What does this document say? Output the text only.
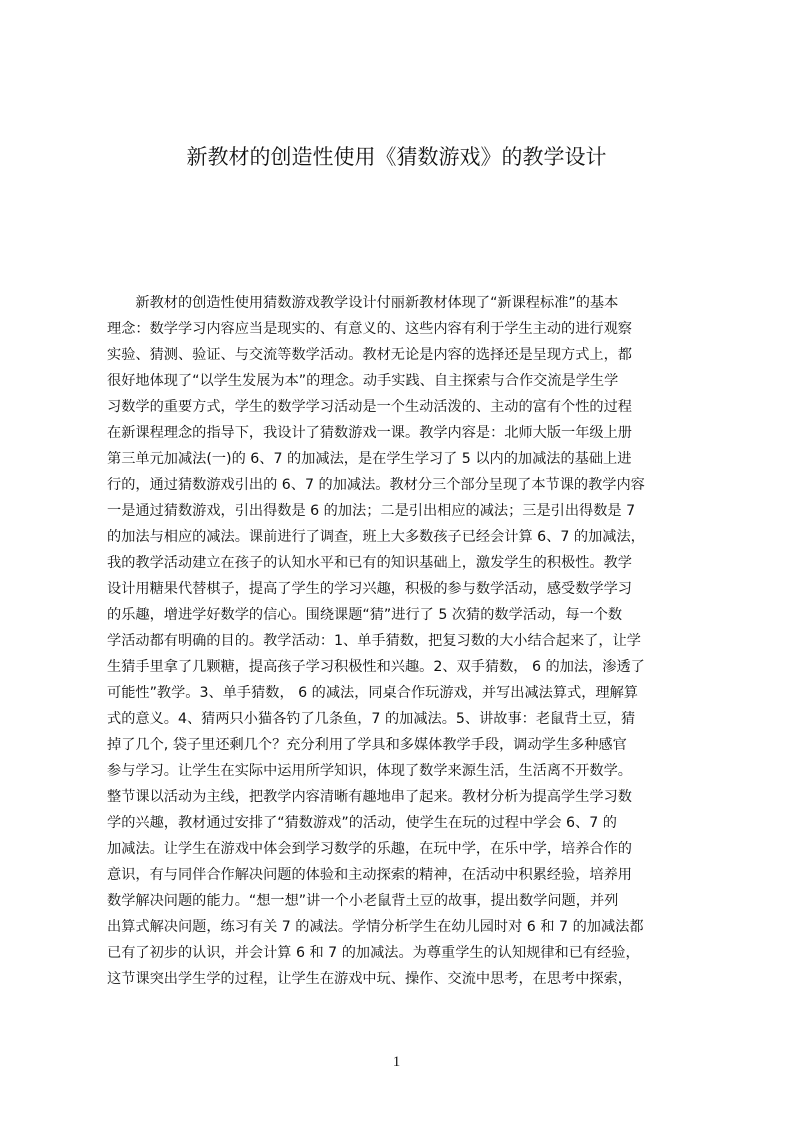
新教材的创造性使用《猜数游戏》的教学设计
　　新教材的创造性使用猜数游戏教学设计付丽新教材体现了“新课程标准”的基本
理念：数学学习内容应当是现实的、有意义的、这些内容有利于学生主动的进行观察
实验、猜测、验证、与交流等数学活动。教材无论是内容的选择还是呈现方式上，都
很好地体现了“以学生发展为本”的理念。动手实践、自主探索与合作交流是学生学
习数学的重要方式，学生的数学学习活动是一个生动活泼的、主动的富有个性的过程
在新课程理念的指导下，我设计了猜数游戏一课。教学内容是：北师大版一年级上册
第三单元加减法(一)的 6、7 的加减法，是在学生学习了 5 以内的加减法的基础上进
行的，通过猜数游戏引出的 6、7 的加减法。教材分三个部分呈现了本节课的教学内容
一是通过猜数游戏，引出得数是 6 的加法；二是引出相应的减法；三是引出得数是 7
的加法与相应的减法。课前进行了调查，班上大多数孩子已经会计算 6、7 的加减法，
我的教学活动建立在孩子的认知水平和已有的知识基础上，激发学生的积极性。教学
设计用糖果代替棋子，提高了学生的学习兴趣，积极的参与数学活动，感受数学学习
的乐趣，增进学好数学的信心。围绕课题“猜”进行了 5 次猜的数学活动，每一个数
学活动都有明确的目的。教学活动：1、单手猜数，把复习数的大小结合起来了，让学
生猜手里拿了几颗糖，提高孩子学习积极性和兴趣。2、双手猜数， 6 的加法，渗透了
可能性”教学。3、单手猜数， 6 的减法，同桌合作玩游戏，并写出减法算式，理解算
式的意义。4、猜两只小猫各钓了几条鱼，7 的加减法。5、讲故事：老鼠背土豆，猜
掉了几个, 袋子里还剩几个？充分利用了学具和多媒体教学手段，调动学生多种感官
参与学习。让学生在实际中运用所学知识，体现了数学来源生活，生活离不开数学。
整节课以活动为主线，把教学内容清晰有趣地串了起来。教材分析为提高学生学习数
学的兴趣，教材通过安排了“猜数游戏”的活动，使学生在玩的过程中学会 6、7 的
加减法。让学生在游戏中体会到学习数学的乐趣，在玩中学，在乐中学，培养合作的
意识，有与同伴合作解决问题的体验和主动探索的精神，在活动中积累经验，培养用
数学解决问题的能力。“想一想”讲一个小老鼠背土豆的故事，提出数学问题，并列
出算式解决问题，练习有关 7 的减法。学情分析学生在幼儿园时对 6 和 7 的加减法都
已有了初步的认识，并会计算 6 和 7 的加减法。为尊重学生的认知规律和已有经验，
这节课突出学生学的过程，让学生在游戏中玩、操作、交流中思考，在思考中探索，
1
